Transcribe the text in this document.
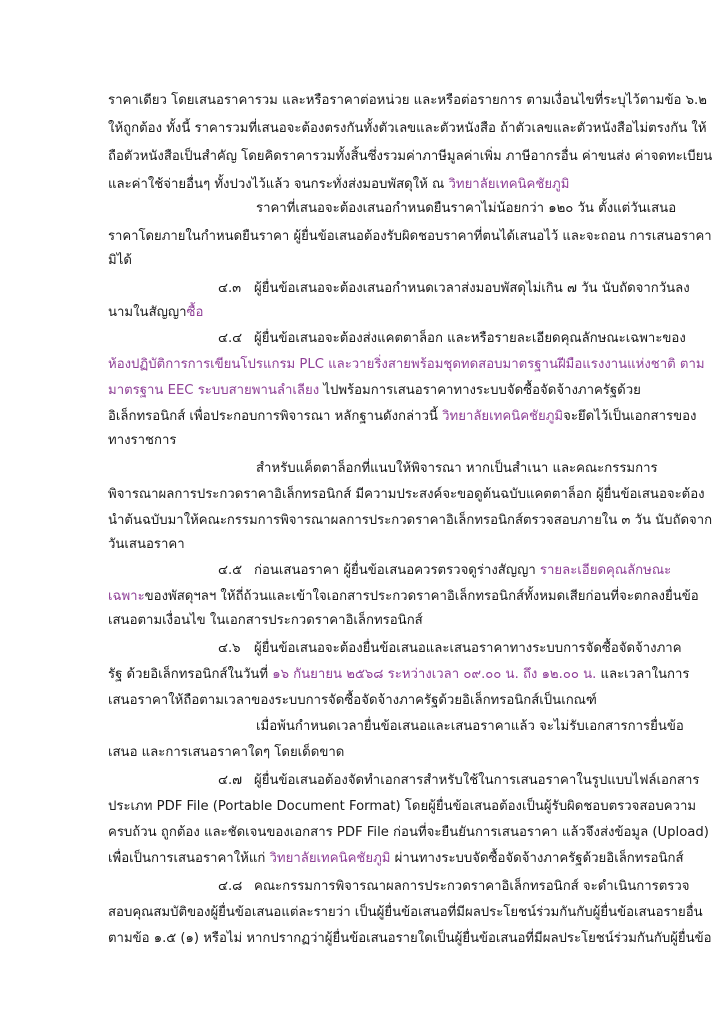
ราคาเดียว โดยเสนอราคารวม และหรือราคาต่อหน่วย และหรือต่อรายการ ตามเงื่อนไขที่ระบุไว้ตามข้อ ๖.๒
ให้ถูกต้อง ทั้งนี้ ราคารวมที่เสนอจะต้องตรงกันทั้งตัวเลขและตัวหนังสือ ถ้าตัวเลขและตัวหนังสือไม่ตรงกัน ให้
ถือตัวหนังสือเป็นสำคัญ โดยคิดราคารวมทั้งสิ้นซึ่งรวมค่าภาษีมูลค่าเพิ่ม ภาษีอากรอื่น ค่าขนส่ง ค่าจดทะเบียน
และค่าใช้จ่ายอื่นๆ ทั้งปวงไว้แล้ว จนกระทั่งส่งมอบพัสดุให้ ณ วิทยาลัยเทคนิคชัยภูมิ
ราคาที่เสนอจะต้องเสนอกำหนดยืนราคาไม่น้อยกว่า ๑๒๐ วัน ตั้งแต่วันเสนอ
ราคาโดยภายในกำหนดยืนราคา ผู้ยื่นข้อเสนอต้องรับผิดชอบราคาที่ตนได้เสนอไว้ และจะถอน การเสนอราคา
มิได้
๔.๓ ผู้ยื่นข้อเสนอจะต้องเสนอกำหนดเวลาส่งมอบพัสดุไม่เกิน ๗ วัน นับถัดจากวันลง
นามในสัญญาซื้อ
๔.๔ ผู้ยื่นข้อเสนอจะต้องส่งแคตตาล็อก และหรือรายละเอียดคุณลักษณะเฉพาะของ
ห้องปฏิบัติการการเขียนโปรแกรม PLC และวายริ่งสายพร้อมชุดทดสอบมาตรฐานฝีมือแรงงานแห่งชาติ ตาม
มาตรฐาน EEC ระบบสายพานลำเลียง ไปพร้อมการเสนอราคาทางระบบจัดซื้อจัดจ้างภาครัฐด้วย
อิเล็กทรอนิกส์ เพื่อประกอบการพิจารณา หลักฐานดังกล่าวนี้ วิทยาลัยเทคนิคชัยภูมิจะยึดไว้เป็นเอกสารของ
ทางราชการ
สำหรับแค็ตตาล็อกที่แนบให้พิจารณา หากเป็นสำเนา และคณะกรรมการ
พิจารณาผลการประกวดราคาอิเล็กทรอนิกส์ มีความประสงค์จะขอดูต้นฉบับแคตตาล็อก ผู้ยื่นข้อเสนอจะต้อง
นำต้นฉบับมาให้คณะกรรมการพิจารณาผลการประกวดราคาอิเล็กทรอนิกส์ตรวจสอบภายใน ๓ วัน นับถัดจาก
วันเสนอราคา
๔.๕ ก่อนเสนอราคา ผู้ยื่นข้อเสนอควรตรวจดูร่างสัญญา รายละเอียดคุณลักษณะ
เฉพาะของพัสดุฯลฯ ให้ถี่ถ้วนและเข้าใจเอกสารประกวดราคาอิเล็กทรอนิกส์ทั้งหมดเสียก่อนที่จะตกลงยื่นข้อ
เสนอตามเงื่อนไข ในเอกสารประกวดราคาอิเล็กทรอนิกส์
๔.๖ ผู้ยื่นข้อเสนอจะต้องยื่นข้อเสนอและเสนอราคาทางระบบการจัดซื้อจัดจ้างภาค
รัฐ ด้วยอิเล็กทรอนิกส์ในวันที่ ๑๖ กันยายน ๒๕๖๘ ระหว่างเวลา ๐๙.๐๐ น. ถึง ๑๒.๐๐ น. และเวลาในการ
เสนอราคาให้ถือตามเวลาของระบบการจัดซื้อจัดจ้างภาครัฐด้วยอิเล็กทรอนิกส์เป็นเกณฑ์
เมื่อพ้นกำหนดเวลายื่นข้อเสนอและเสนอราคาแล้ว จะไม่รับเอกสารการยื่นข้อ
เสนอ และการเสนอราคาใดๆ โดยเด็ดขาด
๔.๗ ผู้ยื่นข้อเสนอต้องจัดทำเอกสารสำหรับใช้ในการเสนอราคาในรูปแบบไฟล์เอกสาร
ประเภท PDF File (Portable Document Format) โดยผู้ยื่นข้อเสนอต้องเป็นผู้รับผิดชอบตรวจสอบความ
ครบถ้วน ถูกต้อง และชัดเจนของเอกสาร PDF File ก่อนที่จะยืนยันการเสนอราคา แล้วจึงส่งข้อมูล (Upload)
เพื่อเป็นการเสนอราคาให้แก่ วิทยาลัยเทคนิคชัยภูมิ ผ่านทางระบบจัดซื้อจัดจ้างภาครัฐด้วยอิเล็กทรอนิกส์
๔.๘ คณะกรรมการพิจารณาผลการประกวดราคาอิเล็กทรอนิกส์ จะดำเนินการตรวจ
สอบคุณสมบัติของผู้ยื่นข้อเสนอแต่ละรายว่า เป็นผู้ยื่นข้อเสนอที่มีผลประโยชน์ร่วมกันกับผู้ยื่นข้อเสนอรายอื่น
ตามข้อ ๑.๕ (๑) หรือไม่ หากปรากฏว่าผู้ยื่นข้อเสนอรายใดเป็นผู้ยื่นข้อเสนอที่มีผลประโยชน์ร่วมกันกับผู้ยื่นข้อ
